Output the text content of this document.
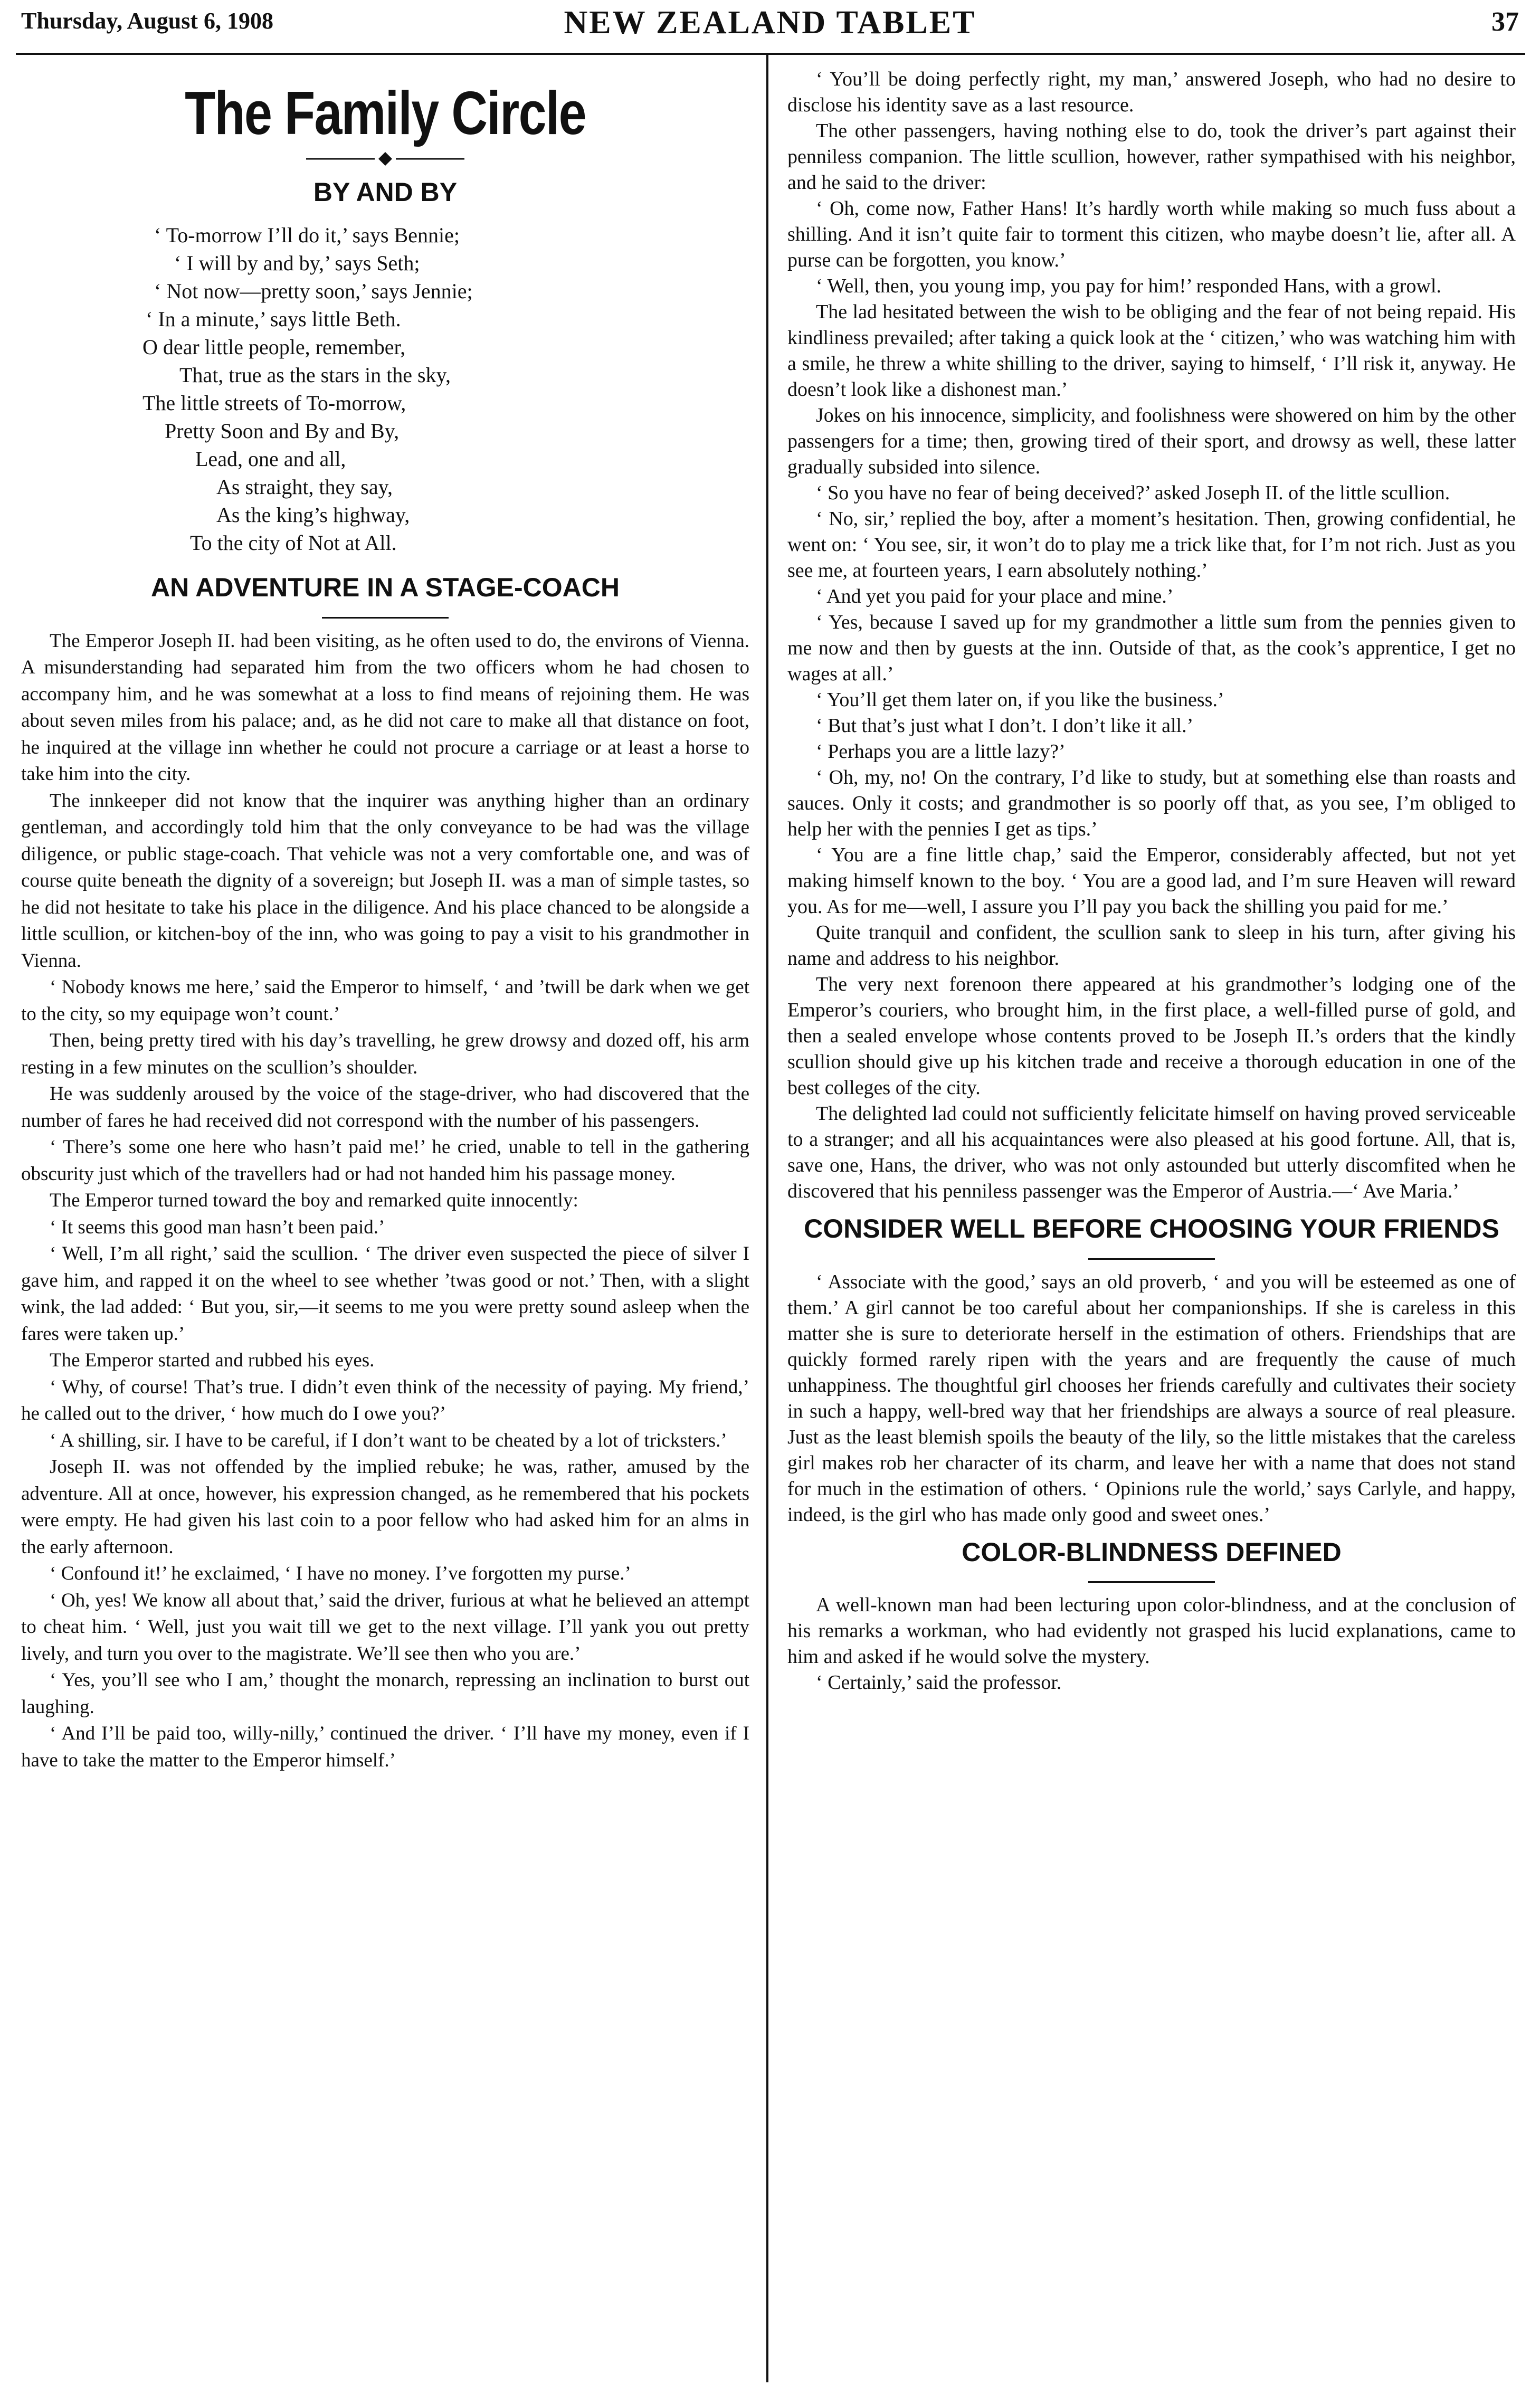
Thursday, August 6, 1908	NEW ZEALAND TABLET	37
The Family Circle
BY AND BY
‘ To-morrow I’ll do it,’ says Bennie;
‘ I will by and by,’ says Seth;
‘ Not now—pretty soon,’ says Jennie;
‘ In a minute,’ says little Beth.
O dear little people, remember,
That, true as the stars in the sky,
The little streets of To-morrow,
Pretty Soon and By and By,
Lead, one and all,
As straight, they say,
As the king’s highway,
To the city of Not at All.
AN ADVENTURE IN A STAGE-COACH

The Emperor Joseph II. had been visiting, as he often used to do, the environs of Vienna. A misunderstanding had separated him from the two officers whom he had chosen to accompany him, and he was somewhat at a loss to find means of rejoining them. He was about seven miles from his palace; and, as he did not care to make all that distance on foot, he inquired at the village inn whether he could not procure a carriage or at least a horse to take him into the city.

The innkeeper did not know that the inquirer was anything higher than an ordinary gentleman, and accordingly told him that the only conveyance to be had was the village diligence, or public stage-coach. That vehicle was not a very comfortable one, and was of course quite beneath the dignity of a sovereign; but Joseph II. was a man of simple tastes, so he did not hesitate to take his place in the diligence. And his place chanced to be alongside a little scullion, or kitchen-boy of the inn, who was going to pay a visit to his grandmother in Vienna.

‘ Nobody knows me here,’ said the Emperor to himself, ‘ and ’twill be dark when we get to the city, so my equipage won’t count.’

Then, being pretty tired with his day’s travelling, he grew drowsy and dozed off, his arm resting in a few minutes on the scullion’s shoulder.

He was suddenly aroused by the voice of the stage-driver, who had discovered that the number of fares he had received did not correspond with the number of his passengers.

‘ There’s some one here who hasn’t paid me!’ he cried, unable to tell in the gathering obscurity just which of the travellers had or had not handed him his passage money.

The Emperor turned toward the boy and remarked quite innocently:

‘ It seems this good man hasn’t been paid.’

‘ Well, I’m all right,’ said the scullion. ‘ The driver even suspected the piece of silver I gave him, and rapped it on the wheel to see whether ’twas good or not.’ Then, with a slight wink, the lad added: ‘ But you, sir,—it seems to me you were pretty sound asleep when the fares were taken up.’

The Emperor started and rubbed his eyes.

‘ Why, of course! That’s true. I didn’t even think of the necessity of paying. My friend,’ he called out to the driver, ‘ how much do I owe you?’

‘ A shilling, sir. I have to be careful, if I don’t want to be cheated by a lot of tricksters.’

Joseph II. was not offended by the implied rebuke; he was, rather, amused by the adventure. All at once, however, his expression changed, as he remembered that his pockets were empty. He had given his last coin to a poor fellow who had asked him for an alms in the early afternoon.

‘ Confound it!’ he exclaimed, ‘ I have no money. I’ve forgotten my purse.’

‘ Oh, yes! We know all about that,’ said the driver, furious at what he believed an attempt to cheat him. ‘ Well, just you wait till we get to the next village. I’ll yank you out pretty lively, and turn you over to the magistrate. We’ll see then who you are.’

‘ Yes, you’ll see who I am,’ thought the monarch, repressing an inclination to burst out laughing.

‘ And I’ll be paid too, willy-nilly,’ continued the driver. ‘ I’ll have my money, even if I have to take the matter to the Emperor himself.’

‘ You’ll be doing perfectly right, my man,’ answered Joseph, who had no desire to disclose his identity save as a last resource.

The other passengers, having nothing else to do, took the driver’s part against their penniless companion. The little scullion, however, rather sympathised with his neighbor, and he said to the driver:

‘ Oh, come now, Father Hans! It’s hardly worth while making so much fuss about a shilling. And it isn’t quite fair to torment this citizen, who maybe doesn’t lie, after all. A purse can be forgotten, you know.’

‘ Well, then, you young imp, you pay for him!’ responded Hans, with a growl.

The lad hesitated between the wish to be obliging and the fear of not being repaid. His kindliness prevailed; after taking a quick look at the ‘ citizen,’ who was watching him with a smile, he threw a white shilling to the driver, saying to himself, ‘ I’ll risk it, anyway. He doesn’t look like a dishonest man.’

Jokes on his innocence, simplicity, and foolishness were showered on him by the other passengers for a time; then, growing tired of their sport, and drowsy as well, these latter gradually subsided into silence.

‘ So you have no fear of being deceived?’ asked Joseph II. of the little scullion.

‘ No, sir,’ replied the boy, after a moment’s hesitation. Then, growing confidential, he went on: ‘ You see, sir, it won’t do to play me a trick like that, for I’m not rich. Just as you see me, at fourteen years, I earn absolutely nothing.’

‘ And yet you paid for your place and mine.’

‘ Yes, because I saved up for my grandmother a little sum from the pennies given to me now and then by guests at the inn. Outside of that, as the cook’s apprentice, I get no wages at all.’

‘ You’ll get them later on, if you like the business.’

‘ But that’s just what I don’t. I don’t like it all.’

‘ Perhaps you are a little lazy?’

‘ Oh, my, no! On the contrary, I’d like to study, but at something else than roasts and sauces. Only it costs; and grandmother is so poorly off that, as you see, I’m obliged to help her with the pennies I get as tips.’

‘ You are a fine little chap,’ said the Emperor, considerably affected, but not yet making himself known to the boy. ‘ You are a good lad, and I’m sure Heaven will reward you. As for me—well, I assure you I’ll pay you back the shilling you paid for me.’

Quite tranquil and confident, the scullion sank to sleep in his turn, after giving his name and address to his neighbor.

The very next forenoon there appeared at his grandmother’s lodging one of the Emperor’s couriers, who brought him, in the first place, a well-filled purse of gold, and then a sealed envelope whose contents proved to be Joseph II.’s orders that the kindly scullion should give up his kitchen trade and receive a thorough education in one of the best colleges of the city.

The delighted lad could not sufficiently felicitate himself on having proved serviceable to a stranger; and all his acquaintances were also pleased at his good fortune. All, that is, save one, Hans, the driver, who was not only astounded but utterly discomfited when he discovered that his penniless passenger was the Emperor of Austria.—‘ Ave Maria.’

CONSIDER WELL BEFORE CHOOSING YOUR FRIENDS

‘ Associate with the good,’ says an old proverb, ‘ and you will be esteemed as one of them.’ A girl cannot be too careful about her companionships. If she is careless in this matter she is sure to deteriorate herself in the estimation of others. Friendships that are quickly formed rarely ripen with the years and are frequently the cause of much unhappiness. The thoughtful girl chooses her friends carefully and cultivates their society in such a happy, well-bred way that her friendships are always a source of real pleasure. Just as the least blemish spoils the beauty of the lily, so the little mistakes that the careless girl makes rob her character of its charm, and leave her with a name that does not stand for much in the estimation of others. ‘ Opinions rule the world,’ says Carlyle, and happy, indeed, is the girl who has made only good and sweet ones.’

COLOR-BLINDNESS DEFINED

A well-known man had been lecturing upon color-blindness, and at the conclusion of his remarks a workman, who had evidently not grasped his lucid explanations, came to him and asked if he would solve the mystery.

‘ Certainly,’ said the professor.
